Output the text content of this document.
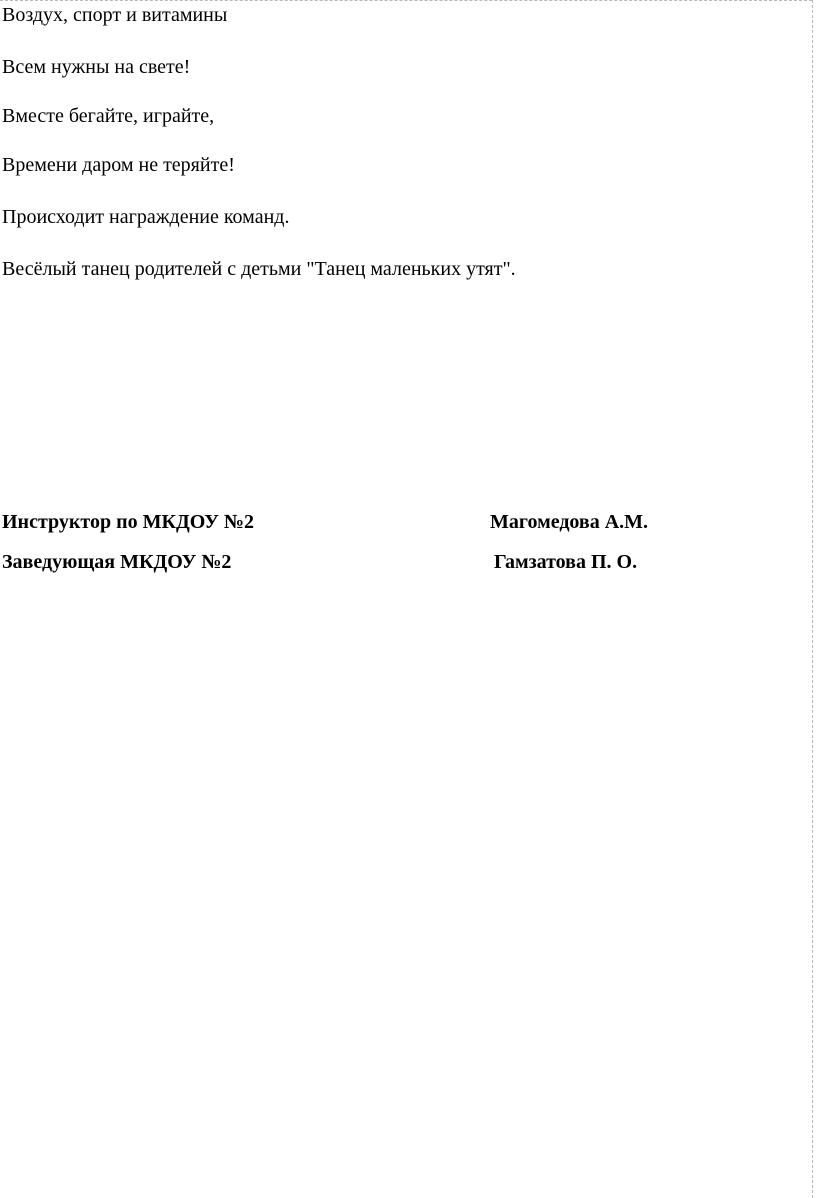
Воздух, спорт и витамины
Всем нужны на свете!
Вместе бегайте, играйте,
Времени даром не теряйте!
Происходит награждение команд.
Весёлый танец родителей с детьми "Танец маленьких утят".
Инструктор по МКДОУ №2	Магомедова А.М.
Заведующая МКДОУ №2	Гамзатова П. О.
